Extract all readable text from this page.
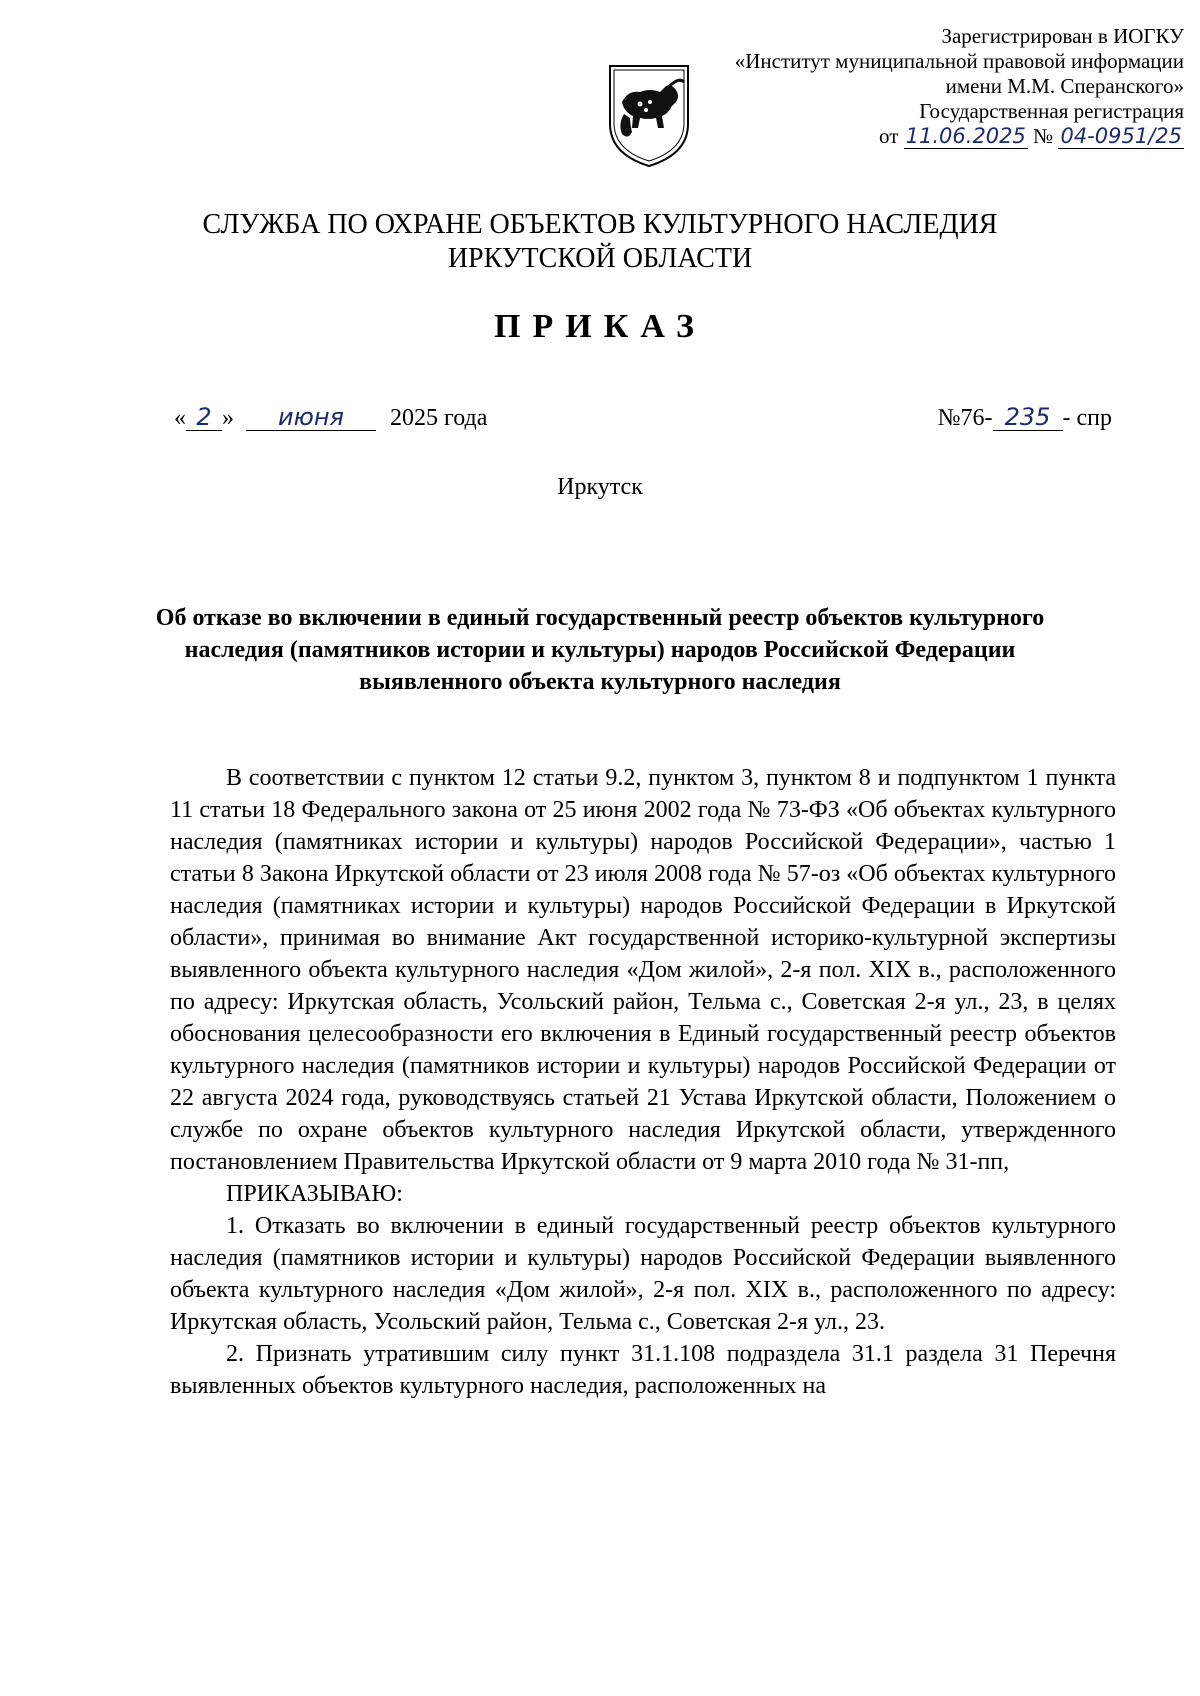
Зарегистрирован в ИОГКУ
«Институт муниципальной правовой информации
имени М.М. Сперанского»
Государственная регистрация
от 11.06.2025 № 04-0951/25
СЛУЖБА ПО ОХРАНЕ ОБЪЕКТОВ КУЛЬТУРНОГО НАСЛЕДИЯ
ИРКУТСКОЙ ОБЛАСТИ
ПРИКАЗ
« 2 » июня 2025 года	№76- 235 - спр
Иркутск
Об отказе во включении в единый государственный реестр объектов культурного наследия (памятников истории и культуры) народов Российской Федерации выявленного объекта культурного наследия

В соответствии с пунктом 12 статьи 9.2, пунктом 3, пунктом 8 и подпунктом 1 пункта 11 статьи 18 Федерального закона от 25 июня 2002 года № 73-ФЗ «Об объектах культурного наследия (памятниках истории и культуры) народов Российской Федерации», частью 1 статьи 8 Закона Иркутской области от 23 июля 2008 года № 57-оз «Об объектах культурного наследия (памятниках истории и культуры) народов Российской Федерации в Иркутской области», принимая во внимание Акт государственной историко-культурной экспертизы выявленного объекта культурного наследия «Дом жилой», 2-я пол. XIX в., расположенного по адресу: Иркутская область, Усольский район, Тельма с., Советская 2-я ул., 23, в целях обоснования целесообразности его включения в Единый государственный реестр объектов культурного наследия (памятников истории и культуры) народов Российской Федерации от 22 августа 2024 года, руководствуясь статьей 21 Устава Иркутской области, Положением о службе по охране объектов культурного наследия Иркутской области, утвержденного постановлением Правительства Иркутской области от 9 марта 2010 года № 31-пп,

ПРИКАЗЫВАЮ:

1. Отказать во включении в единый государственный реестр объектов культурного наследия (памятников истории и культуры) народов Российской Федерации выявленного объекта культурного наследия «Дом жилой», 2-я пол. XIX в., расположенного по адресу: Иркутская область, Усольский район, Тельма с., Советская 2-я ул., 23.

2. Признать утратившим силу пункт 31.1.108 подраздела 31.1 раздела 31 Перечня выявленных объектов культурного наследия, расположенных на
